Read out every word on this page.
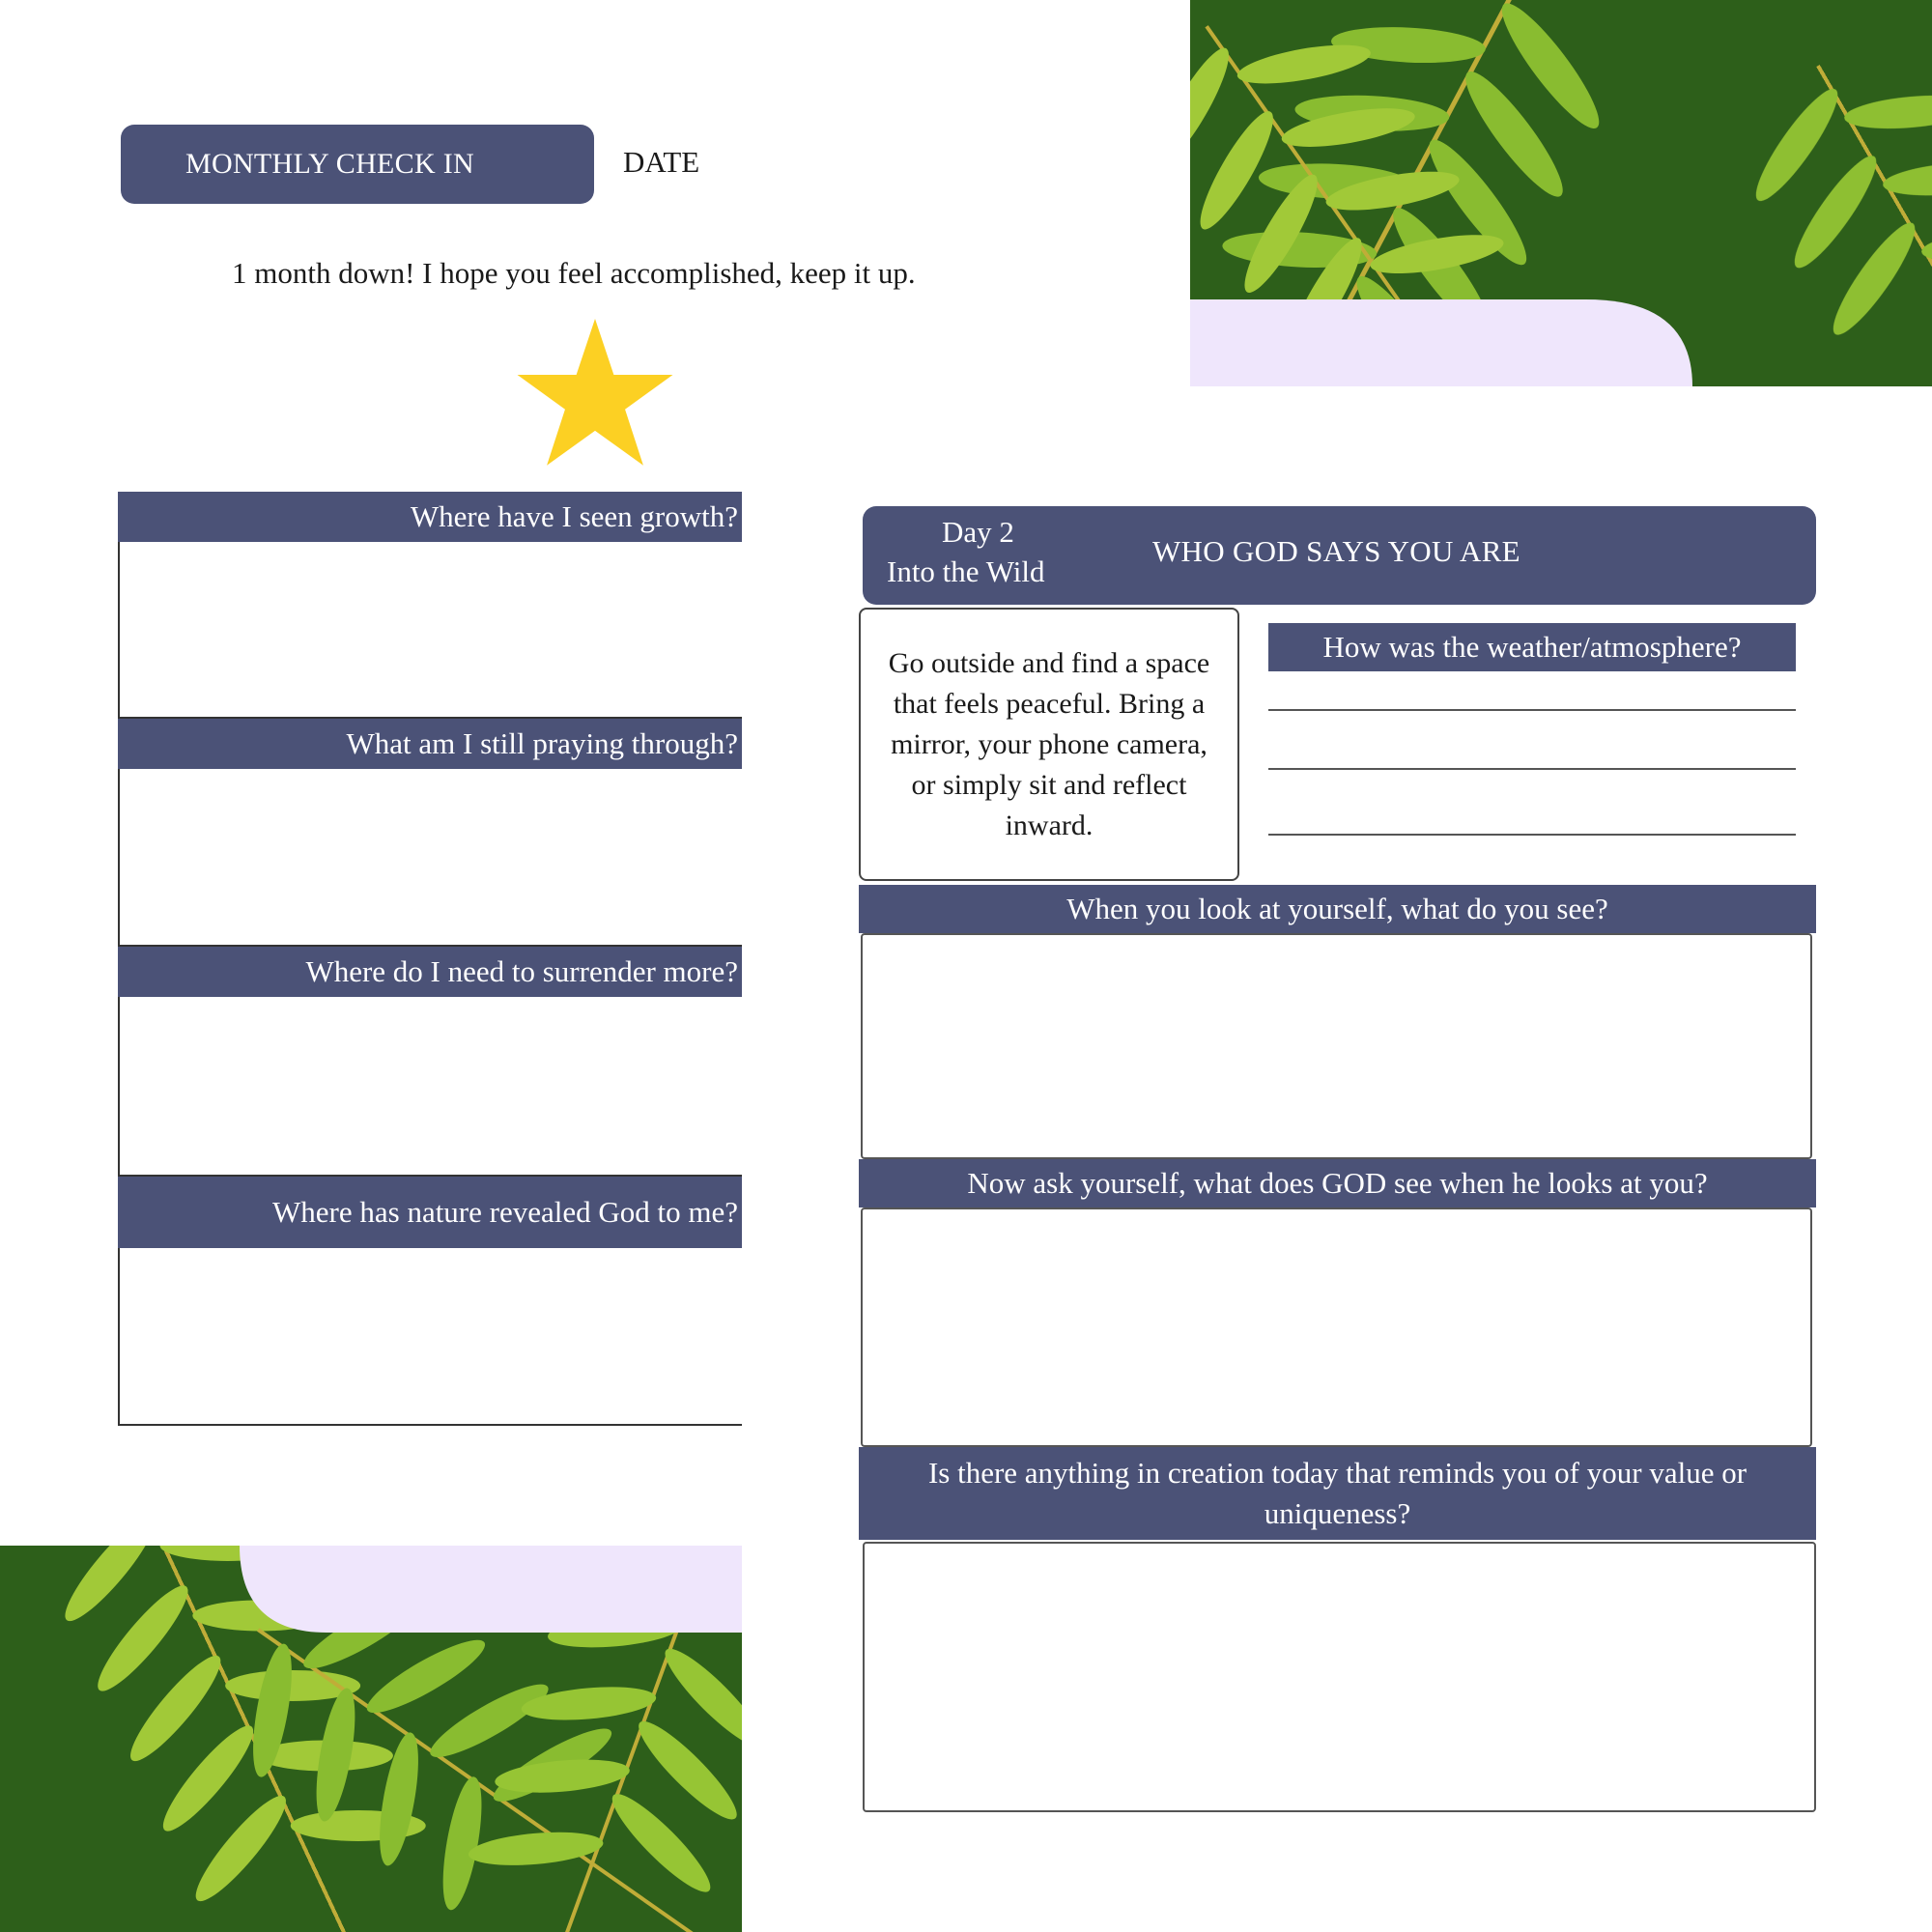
MONTHLY CHECK IN	DATE
1 month down! I hope you feel accomplished, keep it up.
Where have I seen growth?
What am I still praying through?
Where do I need to surrender more?
Where has nature revealed God to me?
Day 2
Into the Wild
WHO GOD SAYS YOU ARE
Go outside and find a space that feels peaceful. Bring a mirror, your phone camera, or simply sit and reflect inward.
How was the weather/atmosphere?
When you look at yourself, what do you see?
Now ask yourself, what does GOD see when he looks at you?
Is there anything in creation today that reminds you of your value or uniqueness?
